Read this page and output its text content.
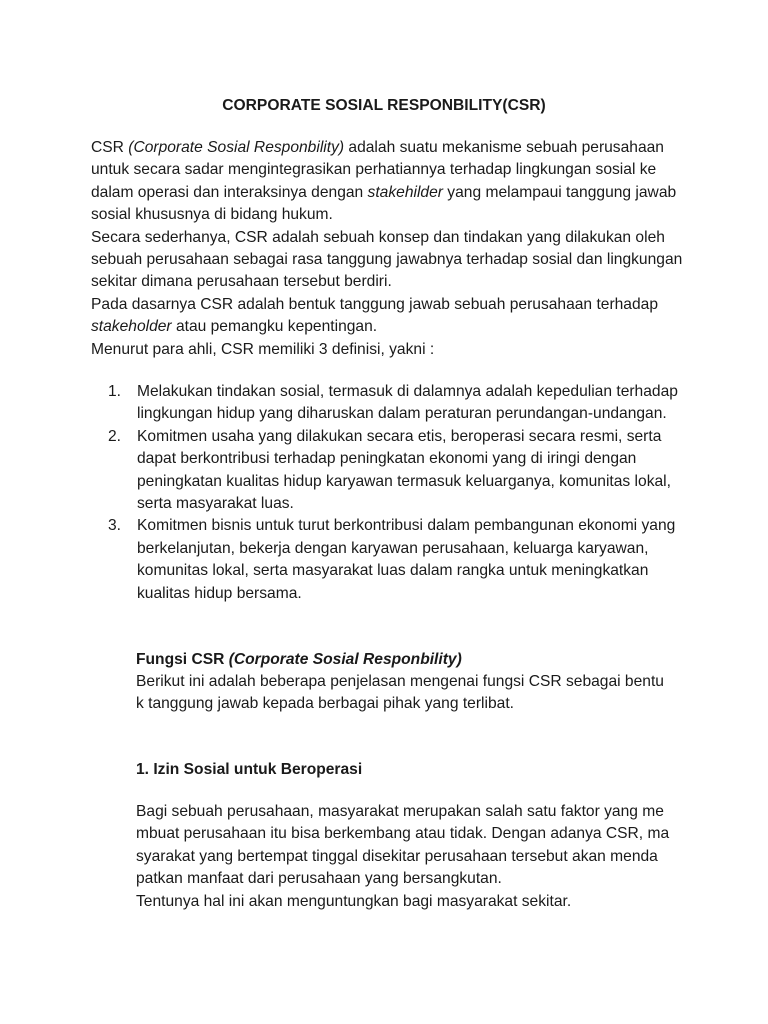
CORPORATE SOSIAL RESPONBILITY(CSR)

CSR (Corporate Sosial Responbility) adalah suatu mekanisme sebuah perusahaan untuk secara sadar mengintegrasikan perhatiannya terhadap lingkungan sosial ke dalam operasi dan interaksinya dengan stakehilder yang melampaui tanggung jawab sosial khususnya di bidang hukum.

Secara sederhanya, CSR adalah sebuah konsep dan tindakan yang dilakukan oleh sebuah perusahaan sebagai rasa tanggung jawabnya terhadap sosial dan lingkungan sekitar dimana perusahaan tersebut berdiri.

Pada dasarnya CSR adalah bentuk tanggung jawab sebuah perusahaan terhadap stakeholder atau pemangku kepentingan.

Menurut para ahli, CSR memiliki 3 definisi, yakni :

1. Melakukan tindakan sosial, termasuk di dalamnya adalah kepedulian terhadap lingkungan hidup yang diharuskan dalam peraturan perundangan-undangan.
2. Komitmen usaha yang dilakukan secara etis, beroperasi secara resmi, serta dapat berkontribusi terhadap peningkatan ekonomi yang di iringi dengan peningkatan kualitas hidup karyawan termasuk keluarganya, komunitas lokal, serta masyarakat luas.
3. Komitmen bisnis untuk turut berkontribusi dalam pembangunan ekonomi yang berkelanjutan, bekerja dengan karyawan perusahaan, keluarga karyawan, komunitas lokal, serta masyarakat luas dalam rangka untuk meningkatkan kualitas hidup bersama.
Fungsi CSR (Corporate Sosial Responbility)

Berikut ini adalah beberapa penjelasan mengenai fungsi CSR sebagai bentu

k tanggung jawab kepada berbagai pihak yang terlibat.

1. Izin Sosial untuk Beroperasi

Bagi sebuah perusahaan, masyarakat merupakan salah satu faktor yang me

mbuat perusahaan itu bisa berkembang atau tidak. Dengan adanya CSR, ma

syarakat yang bertempat tinggal disekitar perusahaan tersebut akan menda

patkan manfaat dari perusahaan yang bersangkutan.

Tentunya hal ini akan menguntungkan bagi masyarakat sekitar.
